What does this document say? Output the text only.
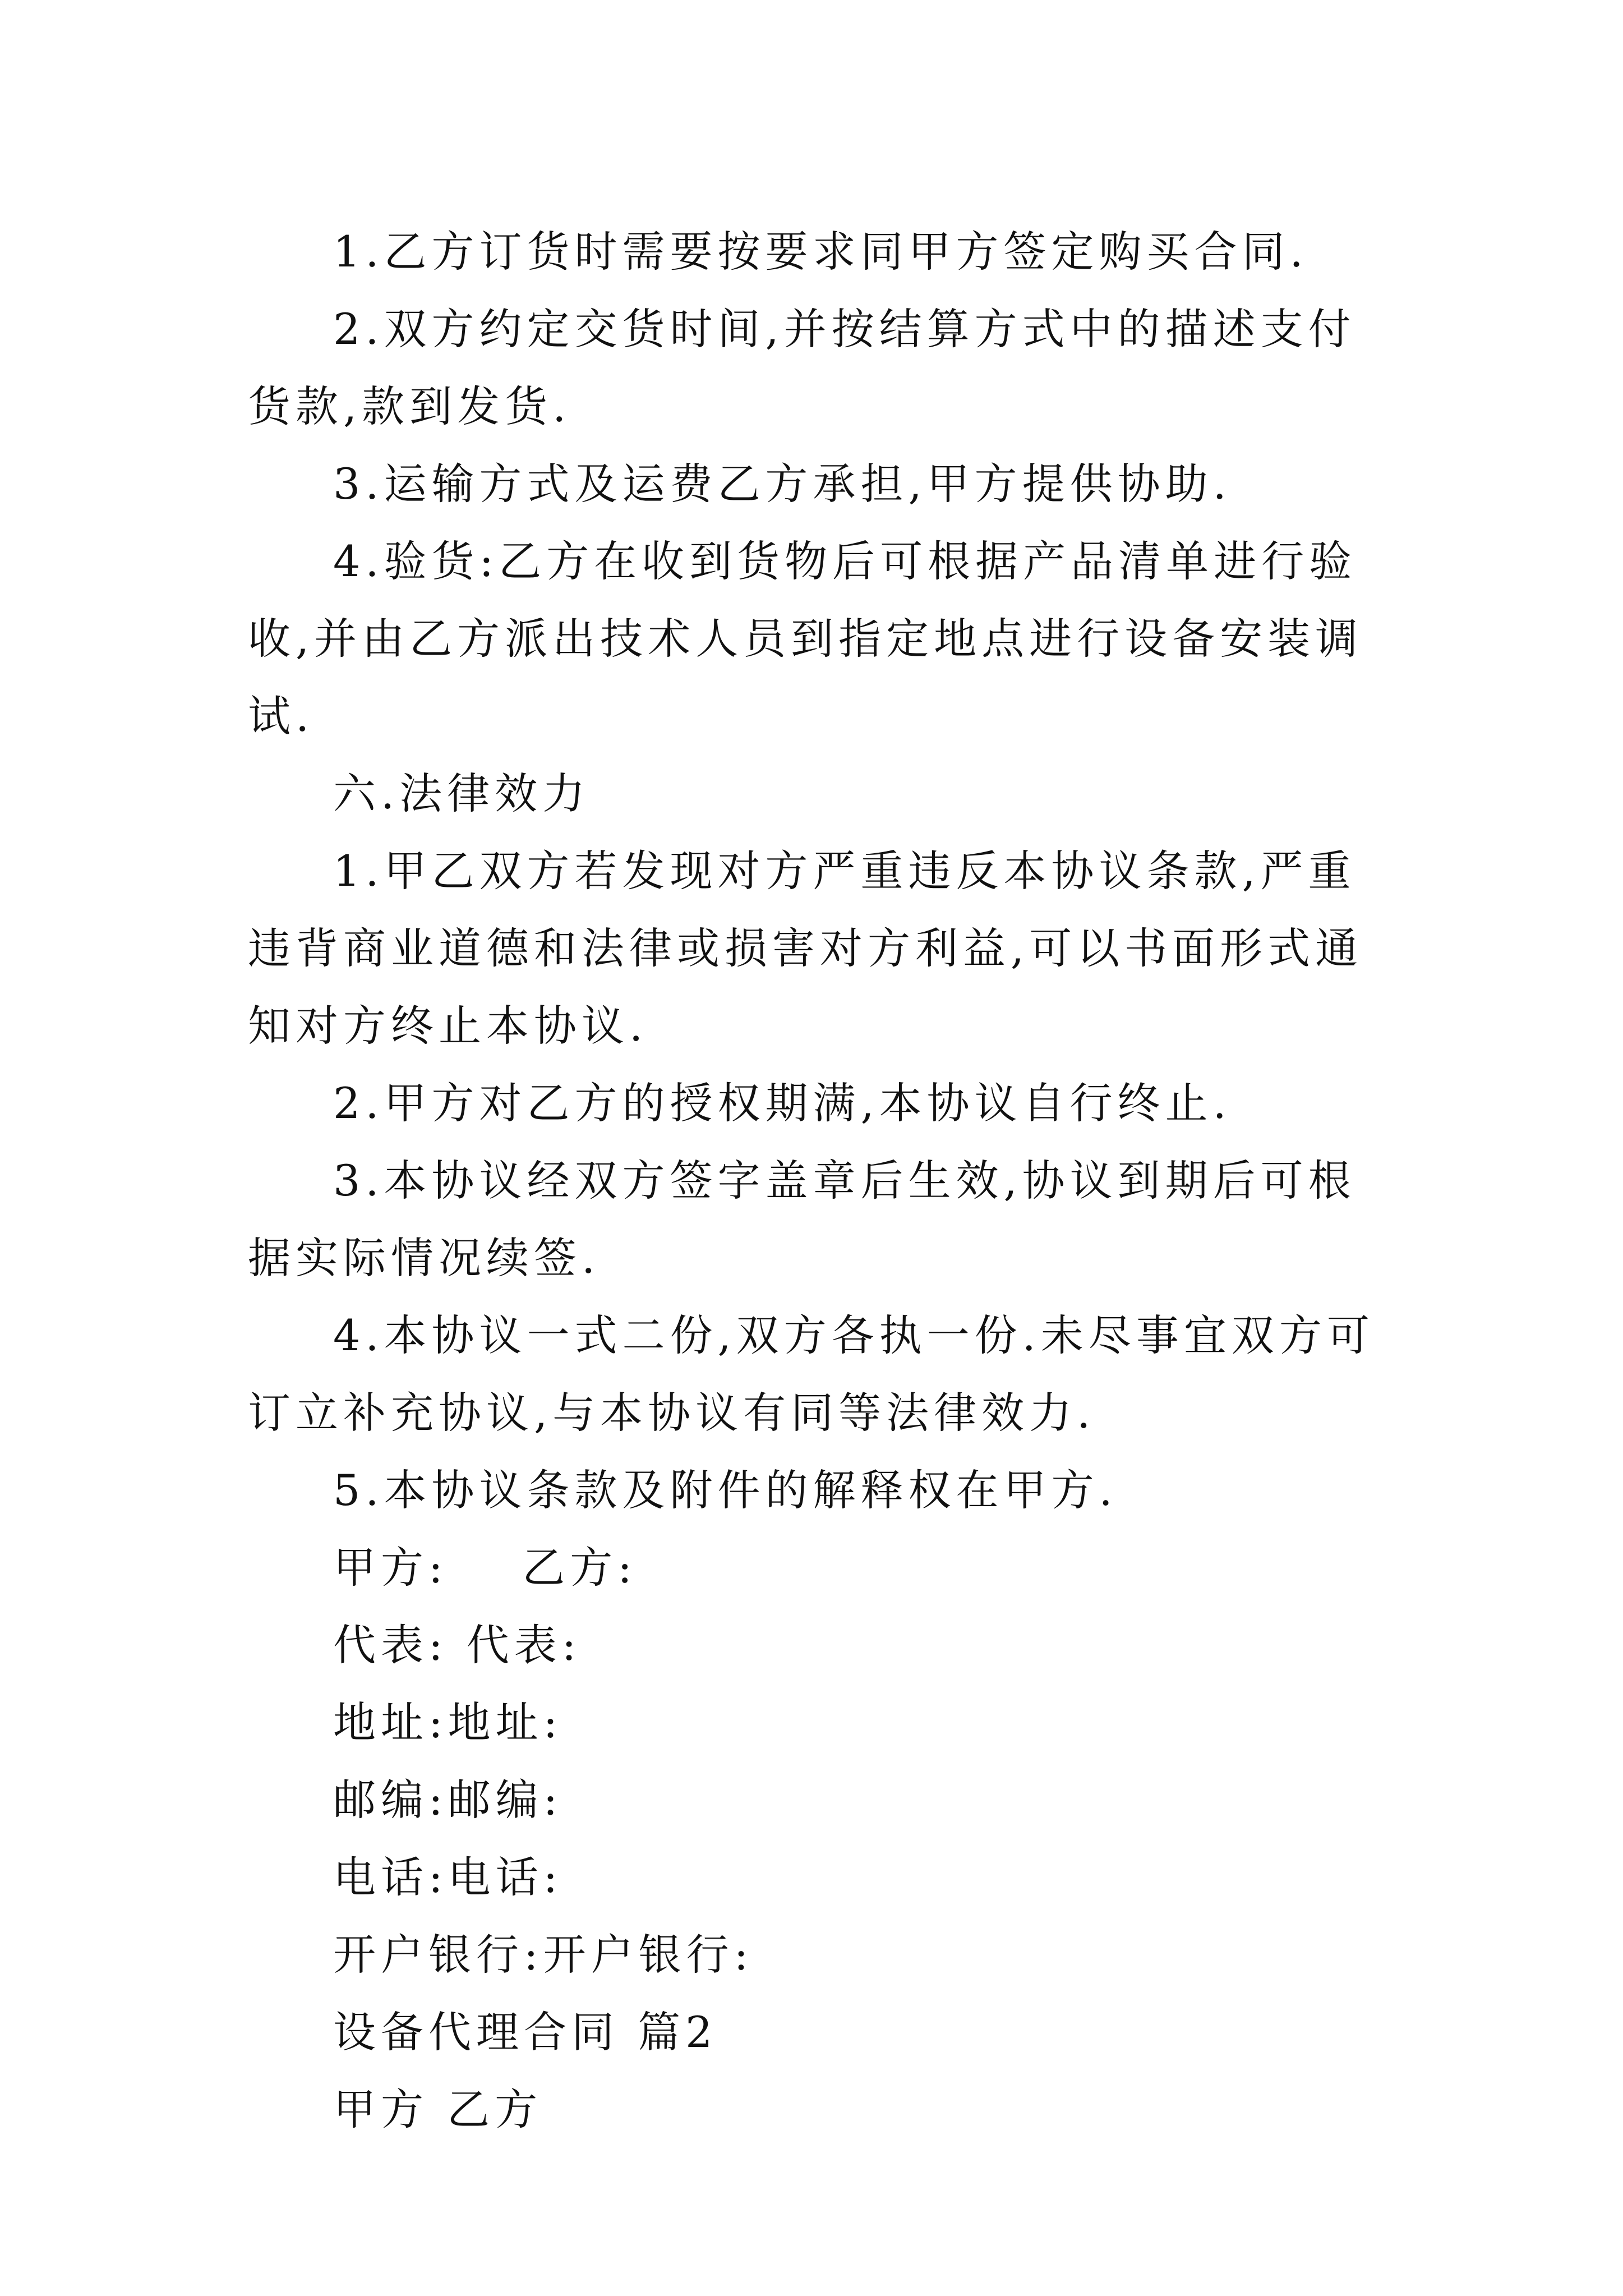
1.乙方订货时需要按要求同甲方签定购买合同.

2.双方约定交货时间,并按结算方式中的描述支付货款,款到发货.

3.运输方式及运费乙方承担,甲方提供协助.

4.验货:乙方在收到货物后可根据产品清单进行验收,并由乙方派出技术人员到指定地点进行设备安装调试.

六.法律效力

1.甲乙双方若发现对方严重违反本协议条款,严重违背商业道德和法律或损害对方利益,可以书面形式通知对方终止本协议.

2.甲方对乙方的授权期满,本协议自行终止.

3.本协议经双方签字盖章后生效,协议到期后可根据实际情况续签.

4.本协议一式二份,双方各执一份.未尽事宜双方可订立补充协议,与本协议有同等法律效力.

5.本协议条款及附件的解释权在甲方.

甲方:    乙方:

代表: 代表:

地址:地址:

邮编:邮编:

电话:电话:

开户银行:开户银行:

设备代理合同 篇2

甲方 乙方
